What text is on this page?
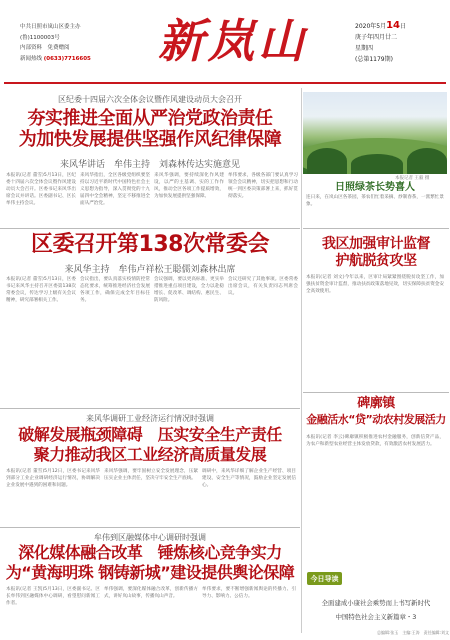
中共日照市岚山区委主办
(鲁)1100003号
内部资料　免费赠阅
新闻热线 (0633)7716605 新 岚 山	2020年5月14日
庚子年四月廿二
星期四
(总第1179期)
区纪委十四届六次全体会议暨作风建设动员大会召开
夯实推进全面从严治党政治责任
为加快发展提供坚强作风纪律保障
来风华讲话　牟伟主持　刘森林传达实施意见
本报讯(记者 董雪)5月13日，区纪委十四届六次全体会议暨作风建设动员大会召开。区委书记来风华出席会议并讲话。区委副书记、区长牟伟主持会议。
来风华指出，全区各级党组织要坚持以习近平新时代中国特色社会主义思想为指导，深入贯彻党的十九届四中全会精神，坚定不移推进全面从严治党。
来风华强调，要持续深化作风建设，以严的主基调、实的工作作风，推动全区各项工作提质增效，为加快发展提供坚强保障。
牟伟要求，各级各部门要认真学习领会会议精神，切实把思想和行动统一到区委决策部署上来，抓好贯彻落实。
区委召开第138次常委会
来风华主持　牟伟卢祥松王聪儒刘森林出席
本报讯(记者 董雪)5月13日，区委书记来风华主持召开区委第138次常委会议，传达学习上级有关会议精神，研究部署相关工作。
会议指出，要认真落实疫情防控常态化要求，统筹推进经济社会发展各项工作，确保完成全年目标任务。
会议强调，要以更高标准、更实举措推进重点项目建设，全力以赴稳增长、促改革、调结构、惠民生、防风险。
会议还研究了其他事项。区委常委出席会议，有关负责同志列席会议。
来风华调研工业经济运行情况时强调
破解发展瓶颈障碍　压实安全生产责任
聚力推动我区工业经济高质量发展
本报讯(记者 董雪)5月12日，区委书记来风华到部分工业企业调研经济运行情况，协调解决企业发展中遇到的困难和问题。
来风华强调，要牢固树立安全发展理念，压紧压实企业主体责任，坚决守牢安全生产底线。
调研中，来风华详细了解企业生产经营、项目建设、安全生产等情况，鼓励企业坚定发展信心。
牟伟到区融媒体中心调研时强调
深化媒体融合改革　锤炼核心竞争实力
为“黄海明珠 钢铸新城”建设提供舆论保障
本报讯(记者 王凯)5月13日，区委副书记、区长牟伟到区融媒体中心调研，看望慰问新闻工作者。
牟伟强调，要深化媒体融合改革，创新传播方式，讲好岚山故事，传播岚山声音。
牟伟要求，要不断增强新闻舆论的传播力、引导力、影响力、公信力。
本报记者 王毅 摄
日照绿茶长势喜人
连日来，在岚山区各茶园，茶农们忙着采摘、炒制春茶，一派繁忙景象。
我区加强审计监督
护航脱贫攻坚
本报讯(记者 刘文)今年以来，区审计局紧紧围绕脱贫攻坚工作，加强扶贫资金审计监督，推动扶贫政策落地见效，切实保障扶贫资金安全高效使用。
碑廓镇
金融活水“贷”动农村发展活力
本报讯(记者 李云)碑廓镇积极推进农村金融服务，创新信贷产品，为农户和新型农业经营主体发放贷款，有效激活农村发展活力。
今日导读
全面建成小康社会乘势而上书写新时代
中国特色社会主义新篇章・3
总编辑:张玉　主编:王涛　责任编辑:刘文
